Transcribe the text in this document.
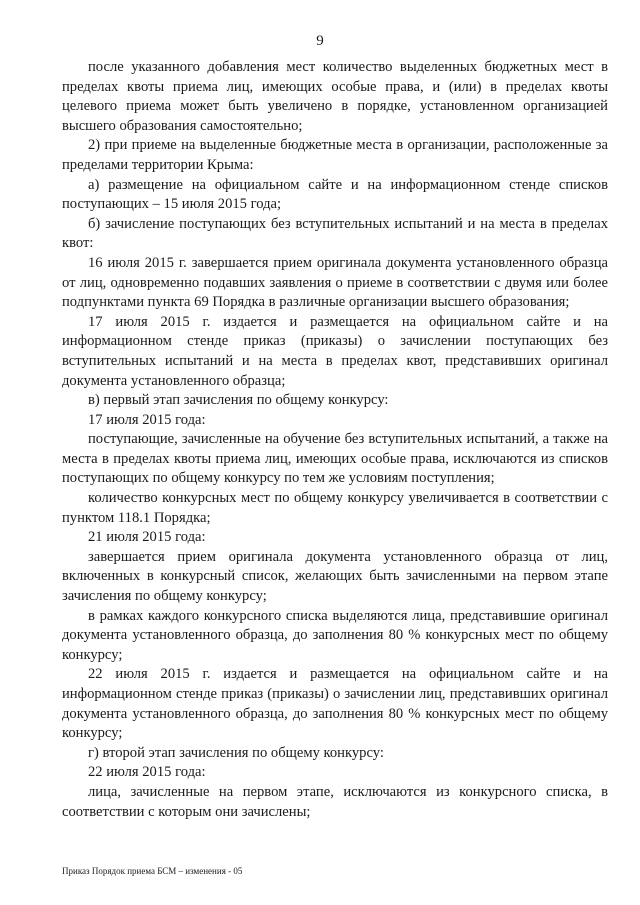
9

после указанного добавления мест количество выделенных бюджетных мест в пределах квоты приема лиц, имеющих особые права, и (или) в пределах квоты целевого приема может быть увеличено в порядке, установленном организацией высшего образования самостоятельно;

2) при приеме на выделенные бюджетные места в организации, расположенные за пределами территории Крыма:

а) размещение на официальном сайте и на информационном стенде списков поступающих – 15 июля 2015 года;

б) зачисление поступающих без вступительных испытаний и на места в пределах квот:

16 июля 2015 г. завершается прием оригинала документа установленного образца от лиц, одновременно подавших заявления о приеме в соответствии с двумя или более подпунктами пункта 69 Порядка в различные организации высшего образования;

17 июля 2015 г. издается и размещается на официальном сайте и на информационном стенде приказ (приказы) о зачислении поступающих без вступительных испытаний и на места в пределах квот, представивших оригинал документа установленного образца;

в) первый этап зачисления по общему конкурсу:

17 июля 2015 года:

поступающие, зачисленные на обучение без вступительных испытаний, а также на места в пределах квоты приема лиц, имеющих особые права, исключаются из списков поступающих по общему конкурсу по тем же условиям поступления;

количество конкурсных мест по общему конкурсу увеличивается в соответствии с пунктом 118.1 Порядка;

21 июля 2015 года:

завершается прием оригинала документа установленного образца от лиц, включенных в конкурсный список, желающих быть зачисленными на первом этапе зачисления по общему конкурсу;

в рамках каждого конкурсного списка выделяются лица, представившие оригинал документа установленного образца, до заполнения 80 % конкурсных мест по общему конкурсу;

22 июля 2015 г. издается и размещается на официальном сайте и на информационном стенде приказ (приказы) о зачислении лиц, представивших оригинал документа установленного образца, до заполнения 80 % конкурсных мест по общему конкурсу;

г) второй этап зачисления по общему конкурсу:

22 июля 2015 года:

лица, зачисленные на первом этапе, исключаются из конкурсного списка, в соответствии с которым они зачислены;

Приказ Порядок приема БСМ – изменения - 05
